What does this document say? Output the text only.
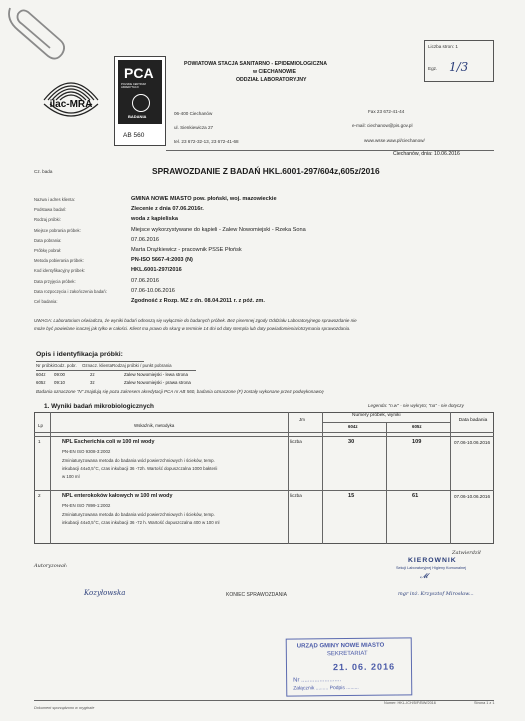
ilac-MRA
PCA
POLSKIE CENTRUM AKREDYTACJI
BADANIA
AB 560
POWIATOWA STACJA SANITARNO - EPIDEMIOLOGICZNA
w CIECHANOWIE
ODDZIAŁ LABORATORYJNY
06-400 Ciechanów
ul. Sienkiewicza 27
tel. 23 672-32-13, 23 672-41-68
Fax 23 672-41-44
e-mail: ciechanow@pis.gov.pl
www.wsse.waw.pl/ciechanow/
Liczba stron: 1
Egz. 1/3
Ciechanów, dnia: 10.06.2016
Cz. bada	SPRAWOZDANIE Z BADAŃ HKL.6001-297/604z,605z/2016
Nazwa i adres klienta:	GMINA NOWE MIASTO pow. płoński, woj. mazowieckie
Podstawa badań:	Zlecenie z dnia 07.06.2016r.
Rodzaj próbki:	woda z kąpieliska
Miejsce pobrania próbek:	Miejsce wykorzystywane do kąpieli - Zalew Nowomiejski - Rzeka Sona
Data pobrania:	07.06.2016
Próbkę pobrał:	Marta Drążkiewicz - pracownik PSSE Płońsk
Metoda pobierania próbek:	PN-ISO 5667-4:2003 (N)
Kod identyfikacyjny próbek:	HKL.6001-297/2016
Data przyjęcia próbek:	07.06.2016
Data rozpoczęcia i zakończenia badań:	07.06-10.06.2016
Cel badania:	Zgodność z Rozp. MZ z dn. 08.04.2011 r. z póź. zm.
UWAGA: Laboratorium oświadcza, że wyniki badań odnoszą się wyłącznie do badanych próbek. Bez pisemnej zgody Oddziału Laboratoryjnego sprawozdanie nie
może być powielane inaczej jak tylko w całości. Klient ma prawo do skarg w terminie 14 dni od daty stempla lub daty powiadomienia/otrzymania sprawozdania.
Opis i identyfikacja próbki:
Nr próbki Godz. pobr. Oznacz. klienta Rodzaj próbki / punkt pobrania
604z 09:00	2z	Zalew Nowomiejski - lewa strona
605z 09:10	3z	Zalew Nowomiejski - prawa strona
Badania oznaczone "N" znajdują się poza zakresem akredytacji PCA nr AB 560, badania oznaczone (F) zostały wykonane przez podwykonawcę
Legenda: "n.w" - nie wykryto; "na" - nie dotyczy
1. Wyniki badań mikrobiologicznych
Lp	Wskaźnik, metodyka
Jm
Numery próbek, wyniki
604z	605z
Data badania
1	NPL Escherichia coli w 100 ml wody
PN-EN ISO 9308-3:2002
Zminiaturyzowana metoda do badania wód powierzchniowych i ścieków, temp.
inkubacji 44±0,5°C, czas inkubacji 36 -72h. Wartość dopuszczalna 1000 bakterii
w 100 ml
liczba	30	109	07.06-10.06.2016
2	NPL enterokoków kałowych w 100 ml wody
PN-EN ISO 7899-1:2002
Zminiaturyzowana metoda do badania wód powierzchniowych i ścieków, temp.
inkubacji 44±0,5°C, czas inkubacji 36 -72 h. Wartość dopuszczalna 400 w 100 ml
liczba	15	61	07.06-10.06.2016
Autoryzował:
Zatwierdził
KIEROWNIK
Sekcji Laboratoryjnej Higieny Komunalnej
𝓜
mgr inż. Krzysztof Mirosław...
Kozyłowska	KONIEC SPRAWOZDANIA
URZĄD GMINY NOWE MIASTO
SEKRETARIAT
21. 06. 2016
Nr ........................
Załącznik ......... Podpis .........
Numer: HKL-ICH/5/F/BW/2016	Strona 1 z 1
Dokument sporządzono w oryginale
